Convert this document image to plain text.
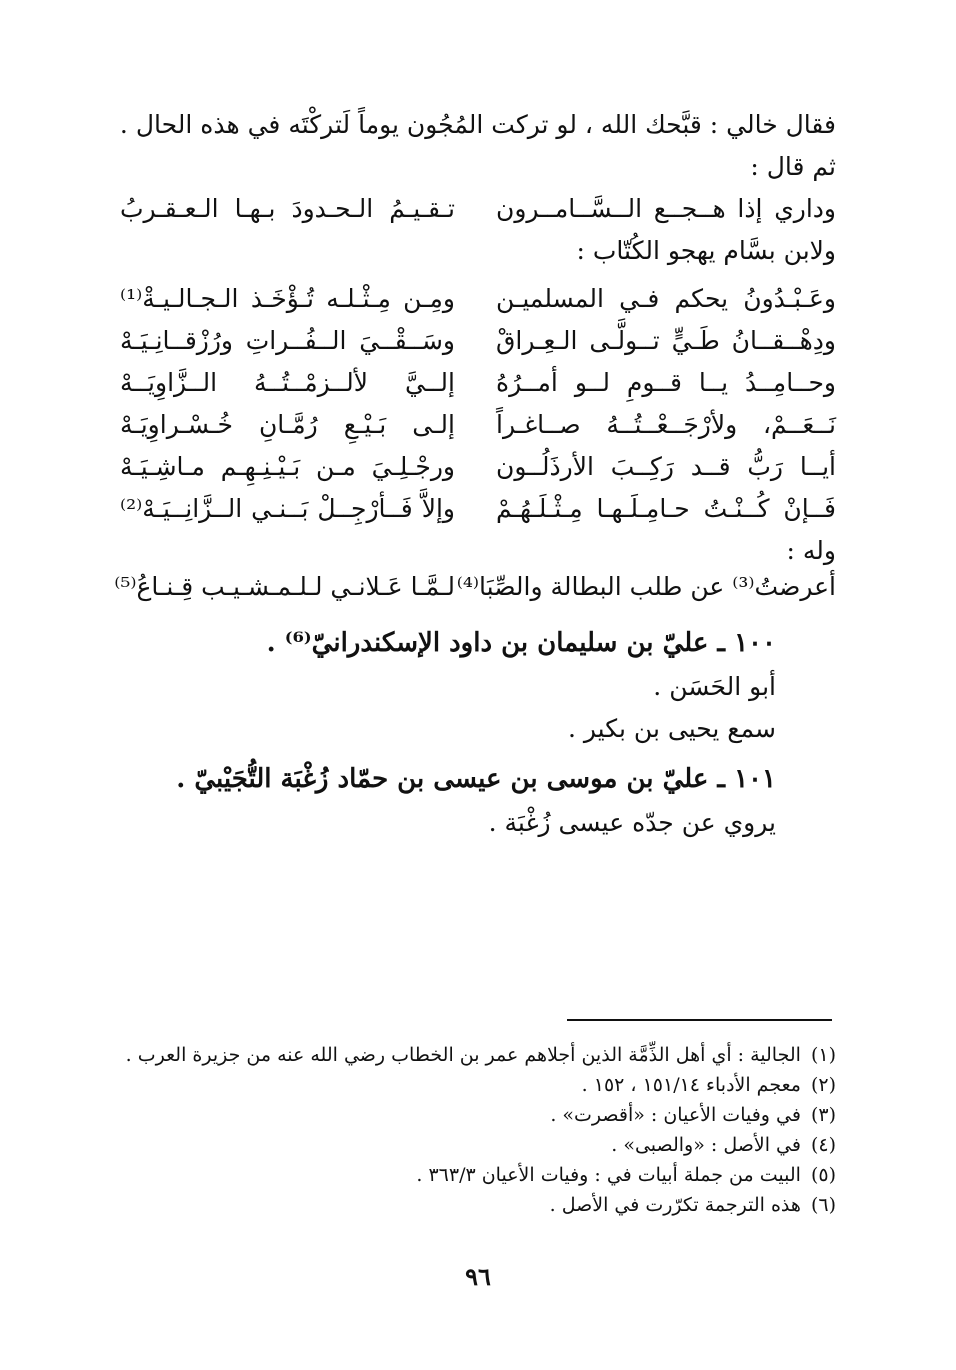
فقال خالي : قبَّحك الله ، لو تركت المُجُون يوماً لَتركْتَه في هذه الحال .
ثم قال :
وداري إذا هــجــع الــسَّــامــرون
تـقـيـمُ الـحـدودَ بـهـا الـعـقـربُ
ولابن بسَّام يهجو الكُتّاب :
وعَـبْـدُونُ يحكم فـي المسلميـن
ومِـن مِـثْـلـه تُـؤْخَـذ الـجـالـيـةْ⁽¹⁾
ودِهْــقــانُ طَـيٍّ تــولَّـى الـعِـراقْ
وسَــقْــيَ الــفُــراتِ ورُزْقــانِـيَـهْ
وحــامِــدُ يــا قــومِ لــو أمــرُهُ
إلــيَّ لألــزمْــتُــهُ الــزَّاوِيَــهْ
نَــعَــمْ، ولأرْجَــعْــتُــهُ صــاغـراً
إلـى بَـيْـعِ رُمَّـانِ خُـسْـراوِيَـهْ
أيــا رَبُّ قــد رَكِــبَ الأرذَلُــون
ورجْـلِـيَ مـن بَـيْـنِـهِـم مـاشِـيَـهْ
فَــإنْ كُــنْـتُ حـامِـلَـهـا مِـثْـلَـهُـمْ
وإلاَّ فَــأرْجِــلْ بَــنـي الــزَّانِــيَـهْ⁽²⁾
وله :
أعرضتُ⁽³⁾ عن طلب البطالة والصِّبَا⁽⁴⁾
لـمَّـا عَـلانـي لـلـمـشـيـب قِـنـاعُ⁽⁵⁾
١٠٠ ـ عليّ بن سليمان بن داود الإسكندرانيّ⁽⁶⁾ .
أبو الحَسَن .
سمع يحيى بن بكير .
١٠١ ـ عليّ بن موسى بن عيسى بن حمّاد زُغْبَة التُّجَيْبيّ .
يروي عن جدّه عيسى زُغْبَة .
(١)الجالية : أي أهل الذِّمَّة الذين أجلاهم عمر بن الخطاب رضي الله عنه من جزيرة العرب .
(٢)معجم الأدباء ١٥١/١٤ ، ١٥٢ .
(٣)في وفيات الأعيان : «أقصرت» .
(٤)في الأصل : «والصبى» .
(٥)البيت من جملة أبيات في : وفيات الأعيان ٣٦٣/٣ .
(٦)هذه الترجمة تكرّرت في الأصل .
٩٦
